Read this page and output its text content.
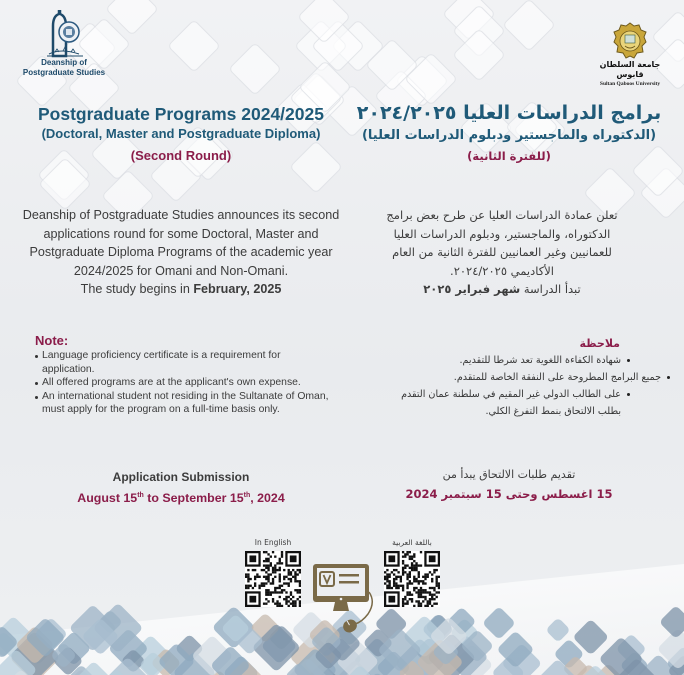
Deanship of
Postgraduate Studies
جامعة السلطان قابوس
Sultan Qaboos University
Postgraduate Programs 2024/2025
(Doctoral, Master and Postgraduate Diploma)
(Second Round)
برامج الدراسات العليا ٢٠٢٤/٢٠٢٥
(الدكتوراه والماجستير ودبلوم الدراسات العليا)
(للفترة الثانية)
Deanship of Postgraduate Studies announces its second applications round for some Doctoral, Master and Postgraduate Diploma Programs of the academic year 2024/2025 for Omani and Non-Omani.
The study begins in February, 2025
تعلن عمادة الدراسات العليا عن طرح بعض برامج
الدكتوراه، والماجستير، ودبلوم الدراسات العليا
للعمانيين وغير العمانيين للفترة الثانية من العام
الأكاديمي ٢٠٢٤/٢٠٢٥.
تبدأ الدراسة شهر فبراير ٢٠٢٥
Note:
Language proficiency certificate is a requirement for application.
All offered programs are at the applicant's own expense.
An international student not residing in the Sultanate of Oman, must apply for the program on a full-time basis only.
ملاحظة
شهادة الكفاءة اللغوية تعد شرطا للتقديم.
جميع البرامج المطروحة على النفقة الخاصة للمتقدم.
على الطالب الدولي غير المقيم في سلطنة عمان التقدم بطلب الالتحاق بنمط التفرغ الكلي.
Application Submission
August 15th to September 15th, 2024
تقديم طلبات الالتحاق يبدأ من
15 اغسطس وحتى 15 سبتمبر 2024
In English	باللغة العربية
